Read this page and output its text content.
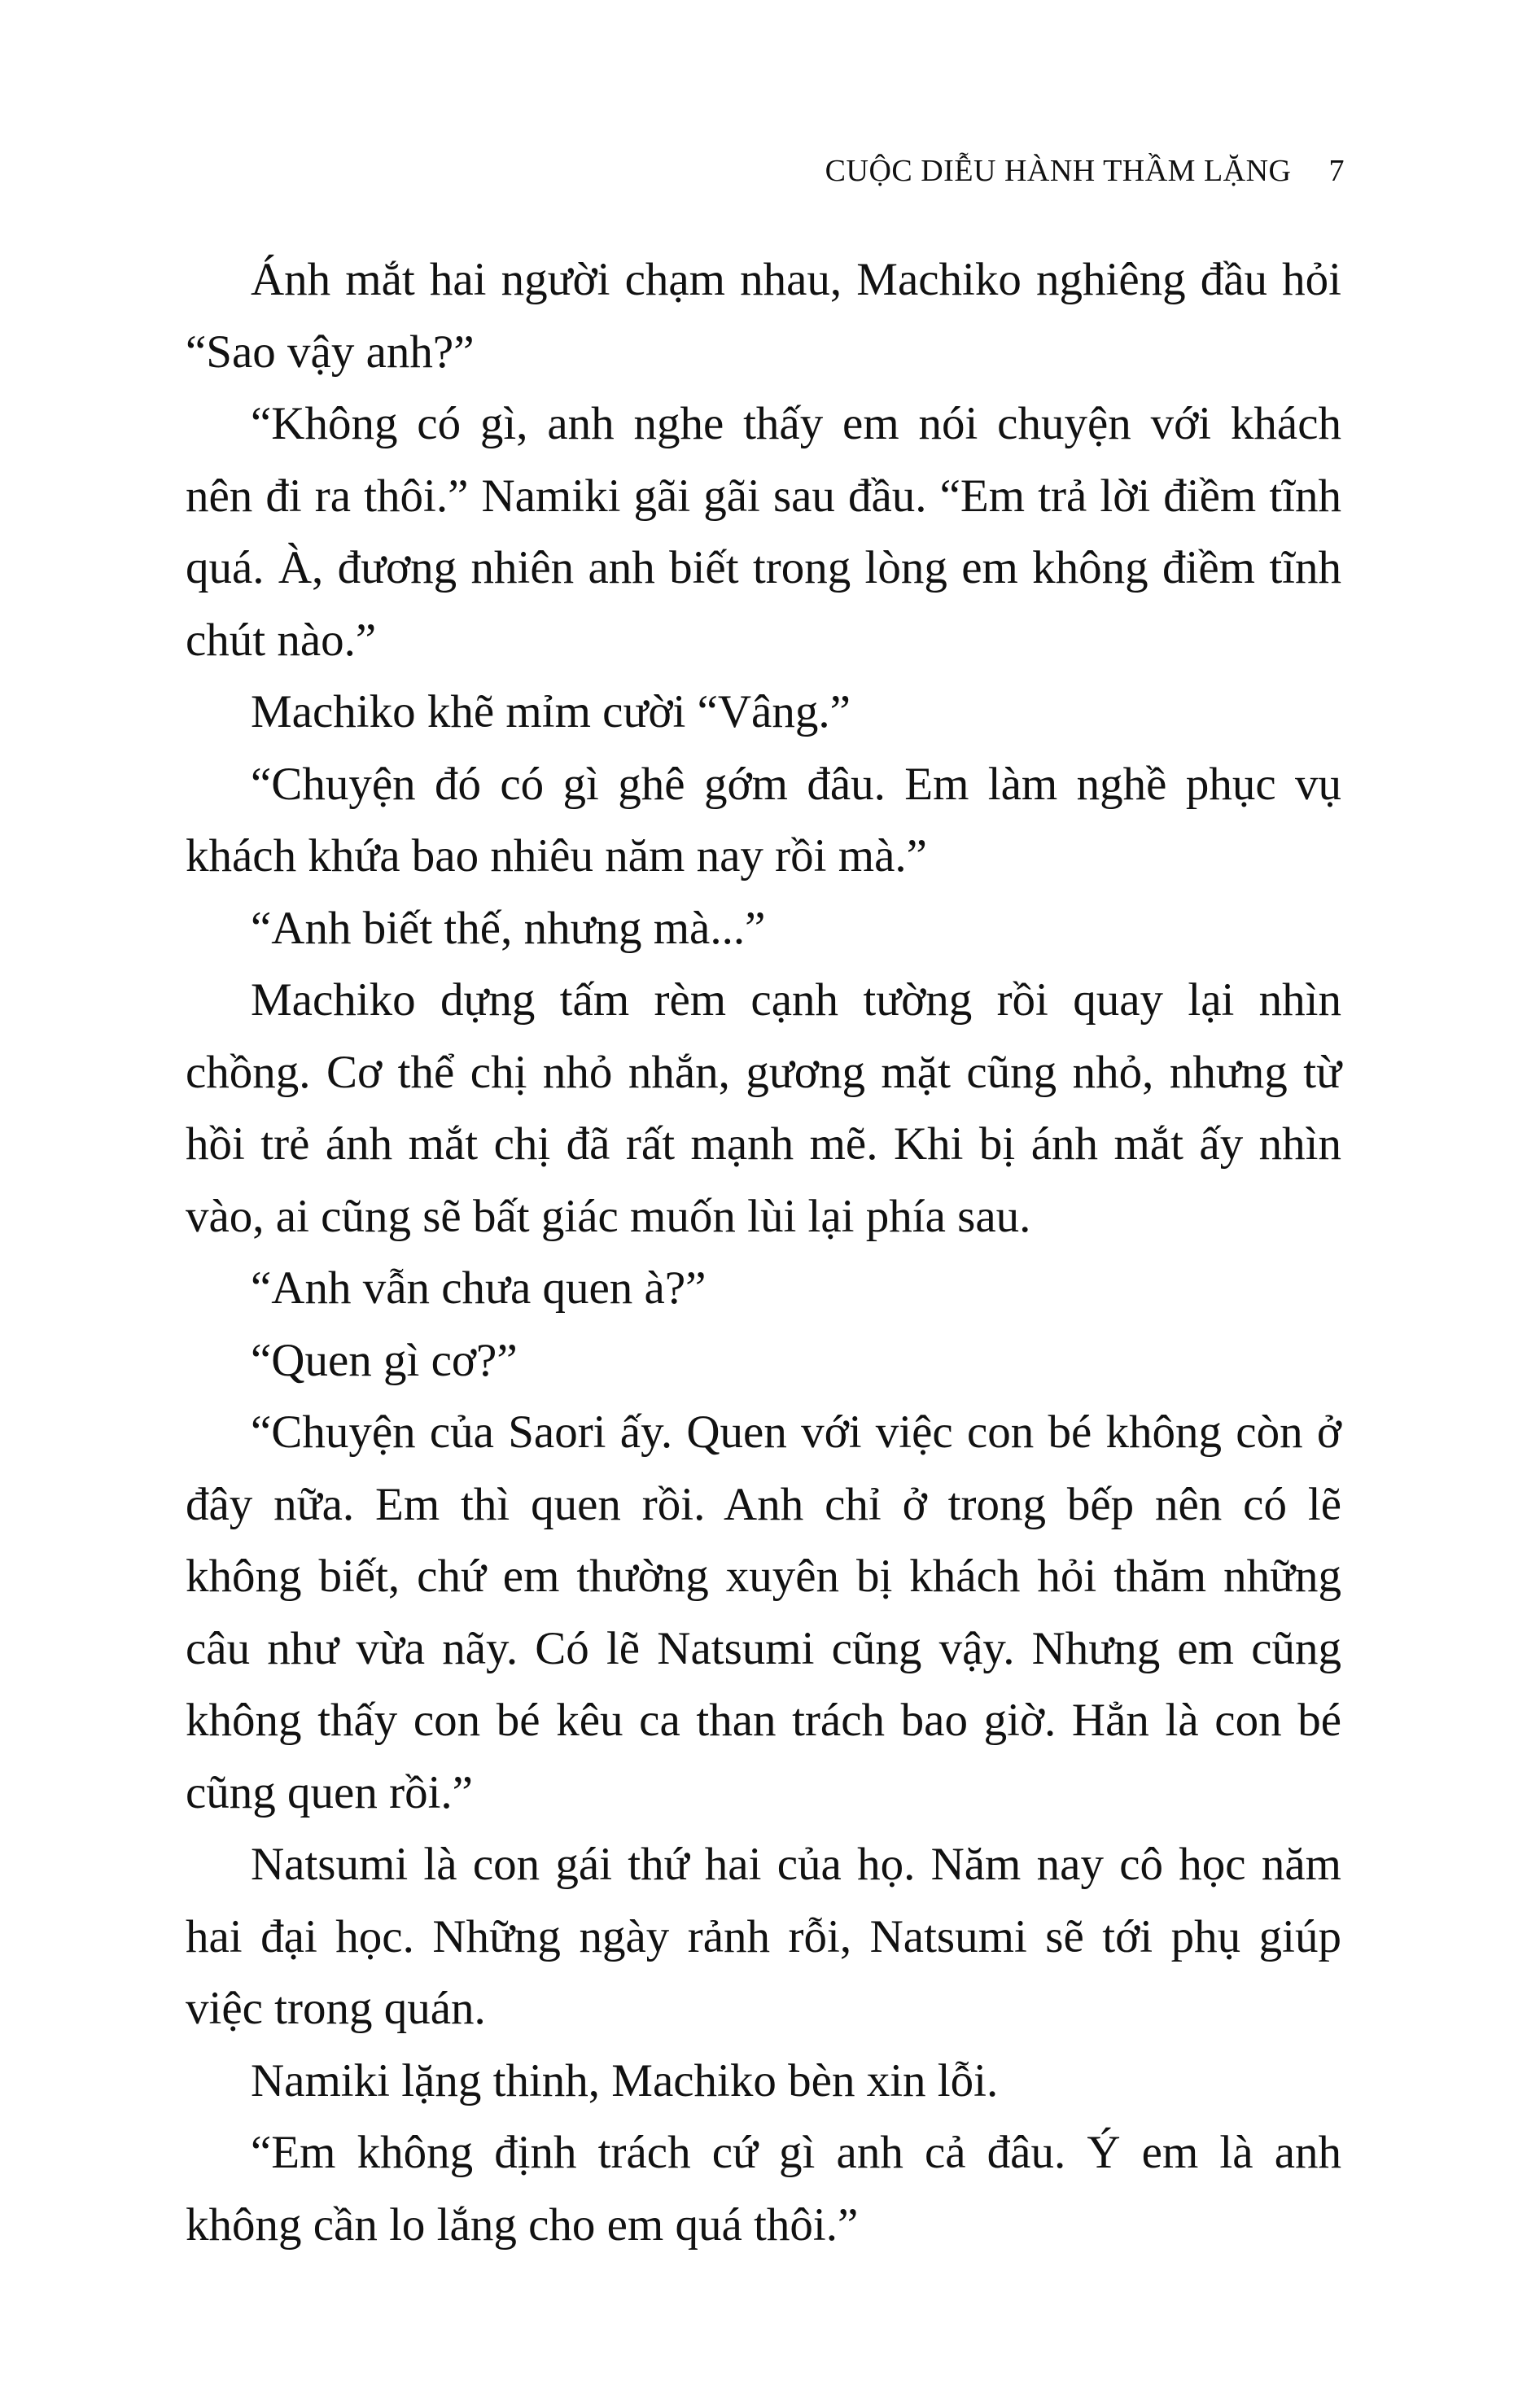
CUỘC DIỄU HÀNH THẦM LẶNG 7

Ánh mắt hai người chạm nhau, Machiko nghiêng đầu hỏi “Sao vậy anh?”

“Không có gì, anh nghe thấy em nói chuyện với khách nên đi ra thôi.” Namiki gãi gãi sau đầu. “Em trả lời điềm tĩnh quá. À, đương nhiên anh biết trong lòng em không điềm tĩnh chút nào.”

Machiko khẽ mỉm cười “Vâng.”

“Chuyện đó có gì ghê gớm đâu. Em làm nghề phục vụ khách khứa bao nhiêu năm nay rồi mà.”

“Anh biết thế, nhưng mà...”

Machiko dựng tấm rèm cạnh tường rồi quay lại nhìn chồng. Cơ thể chị nhỏ nhắn, gương mặt cũng nhỏ, nhưng từ hồi trẻ ánh mắt chị đã rất mạnh mẽ. Khi bị ánh mắt ấy nhìn vào, ai cũng sẽ bất giác muốn lùi lại phía sau.

“Anh vẫn chưa quen à?”

“Quen gì cơ?”

“Chuyện của Saori ấy. Quen với việc con bé không còn ở đây nữa. Em thì quen rồi. Anh chỉ ở trong bếp nên có lẽ không biết, chứ em thường xuyên bị khách hỏi thăm những câu như vừa nãy. Có lẽ Natsumi cũng vậy. Nhưng em cũng không thấy con bé kêu ca than trách bao giờ. Hẳn là con bé cũng quen rồi.”

Natsumi là con gái thứ hai của họ. Năm nay cô học năm hai đại học. Những ngày rảnh rỗi, Natsumi sẽ tới phụ giúp việc trong quán.

Namiki lặng thinh, Machiko bèn xin lỗi.

“Em không định trách cứ gì anh cả đâu. Ý em là anh không cần lo lắng cho em quá thôi.”
